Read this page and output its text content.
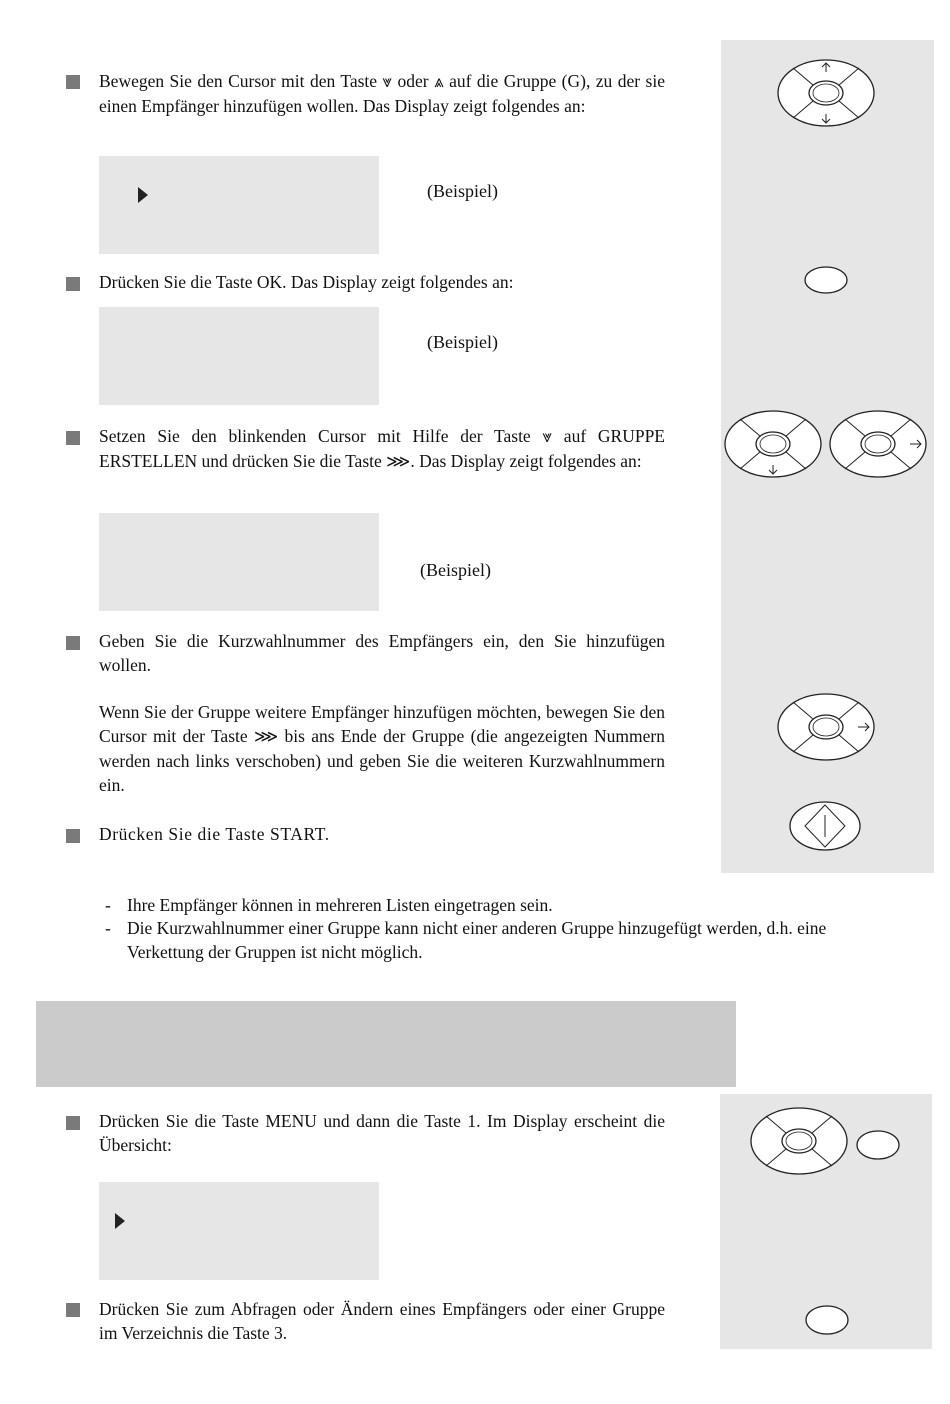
Bewegen Sie den Cursor mit den Taste ⩔ oder ⩓ auf die Gruppe (G), zu der sie einen Empfänger hinzufügen wollen. Das Display zeigt folgendes an:
(Beispiel)
Drücken Sie die Taste OK. Das Display zeigt folgendes an:
(Beispiel)
Setzen Sie den blinkenden Cursor mit Hilfe der Taste ⩔ auf GRUPPE ERSTELLEN und drücken Sie die Taste ⋙. Das Display zeigt folgendes an:
(Beispiel)
Geben Sie die Kurzwahlnummer des Empfängers ein, den Sie hinzufügen wollen.
Wenn Sie der Gruppe weitere Empfänger hinzufügen möchten, bewegen Sie den Cursor mit der Taste ⋙ bis ans Ende der Gruppe (die angezeigten Nummern werden nach links verschoben) und geben Sie die weiteren Kurzwahlnummern ein.
Drücken Sie die Taste START.
- Ihre Empfänger können in mehreren Listen eingetragen sein.
- Die Kurzwahlnummer einer Gruppe kann nicht einer anderen Gruppe hinzugefügt werden, d.h. eine Verkettung der Gruppen ist nicht möglich.
Drücken Sie die Taste MENU und dann die Taste 1. Im Display erscheint die Übersicht:
Drücken Sie zum Abfragen oder Ändern eines Empfängers oder einer Gruppe im Verzeichnis die Taste 3.
